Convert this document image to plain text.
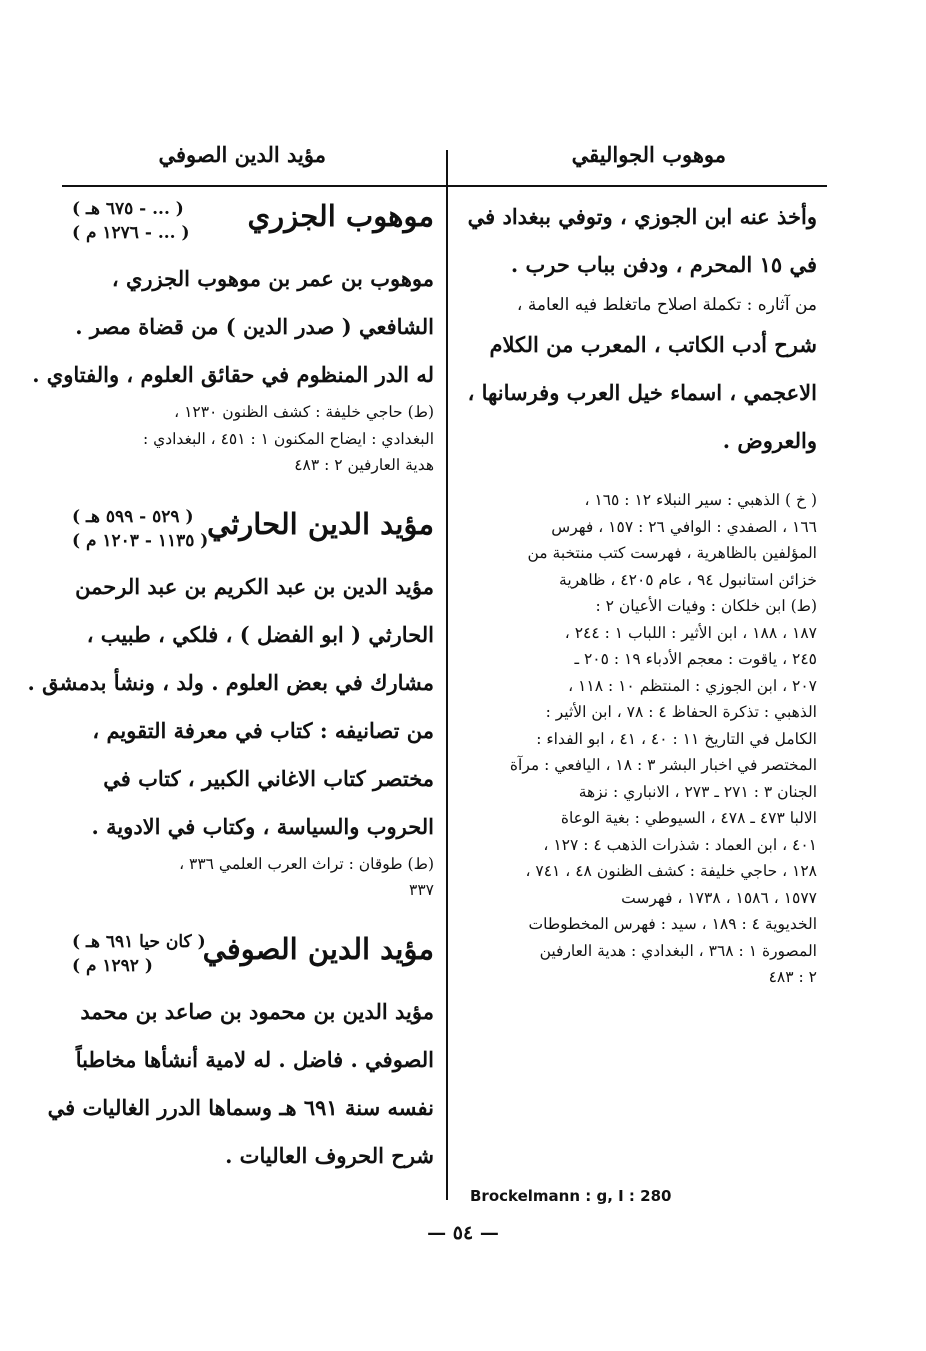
موهوب الجواليقي
مؤيد الدين الصوفي
وأخذ عنه ابن الجوزي ، وتوفي ببغداد في
في ١٥ المحرم ، ودفن بباب حرب .
من آثاره : تكملة اصلاح ماتغلط فيه العامة ،
شرح أدب الكاتب ، المعرب من الكلام
الاعجمي ، اسماء خيل العرب وفرسانها ،
والعروض .
( خ ) الذهبي : سير النبلاء ١٢ : ١٦٥ ،
١٦٦ ، الصفدي : الوافي ٢٦ : ١٥٧ ، فهرس
المؤلفين بالظاهرية ، فهرست كتب منتخبة من
خزائن استانبول ٩٤ ، عام ٤٢٠٥ ، ظاهرية
(ط) ابن خلكان : وفيات الأعيان ٢ :
١٨٧ ، ١٨٨ ، ابن الأثير : اللباب ١ : ٢٤٤ ،
٢٤٥ ، ياقوت : معجم الأدباء ١٩ : ٢٠٥ ـ
٢٠٧ ، ابن الجوزي : المنتظم ١٠ : ١١٨ ،
الذهبي : تذكرة الحفاظ ٤ : ٧٨ ، ابن الأثير :
الكامل في التاريخ ١١ : ٤٠ ، ٤١ ، ابو الفداء :
المختصر في اخبار البشر ٣ : ١٨ ، اليافعي : مرآة
الجنان ٣ : ٢٧١ ـ ٢٧٣ ، الانباري : نزهة
الالبا ٤٧٣ ـ ٤٧٨ ، السيوطي : بغية الوعاة
٤٠١ ، ابن العماد : شذرات الذهب ٤ : ١٢٧ ،
١٢٨ ، حاجي خليفة : كشف الظنون ٤٨ ، ٧٤١ ،
١٥٧٧ ، ١٥٨٦ ، ١٧٣٨ ، فهرست
الخديوية ٤ : ١٨٩ ، سيد : فهرس المخطوطات
المصورة ١ : ٣٦٨ ، البغدادي : هدية العارفين
٢ : ٤٨٣
Brockelmann : g, I : 280
موهوب الجزري
( ... - ٦٧٥ هـ )
( ... - ١٢٧٦ م )
موهوب بن عمر بن موهوب الجزري ،
الشافعي ( صدر الدين ) من قضاة مصر .
له الدر المنظوم في حقائق العلوم ، والفتاوي .
(ط) حاجي خليفة : كشف الظنون ١٢٣٠ ،
البغدادي : ايضاح المكنون ١ : ٤٥١ ، البغدادي :
هدية العارفين ٢ : ٤٨٣
مؤيد الدين الحارثي
( ٥٢٩ - ٥٩٩ هـ )
( ١١٣٥ - ١٢٠٣ م )
مؤيد الدين بن عبد الكريم بن عبد الرحمن
الحارثي ( ابو الفضل ) ، فلكي ، طبيب ،
مشارك في بعض العلوم . ولد ، ونشأ بدمشق .
من تصانيفه : كتاب في معرفة التقويم ،
مختصر كتاب الاغاني الكبير ، كتاب في
الحروب والسياسة ، وكتاب في الادوية .
(ط) طوقان : تراث العرب العلمي ٣٣٦ ،
٣٣٧
مؤيد الدين الصوفي
( كان حيا ٦٩١ هـ )
( ١٢٩٢ م )
مؤيد الدين بن محمود بن صاعد بن محمد
الصوفي . فاضل . له لامية أنشأها مخاطباً
نفسه سنة ٦٩١ هـ وسماها الدرر الغاليات في
شرح الحروف العاليات .
— ٥٤ —
